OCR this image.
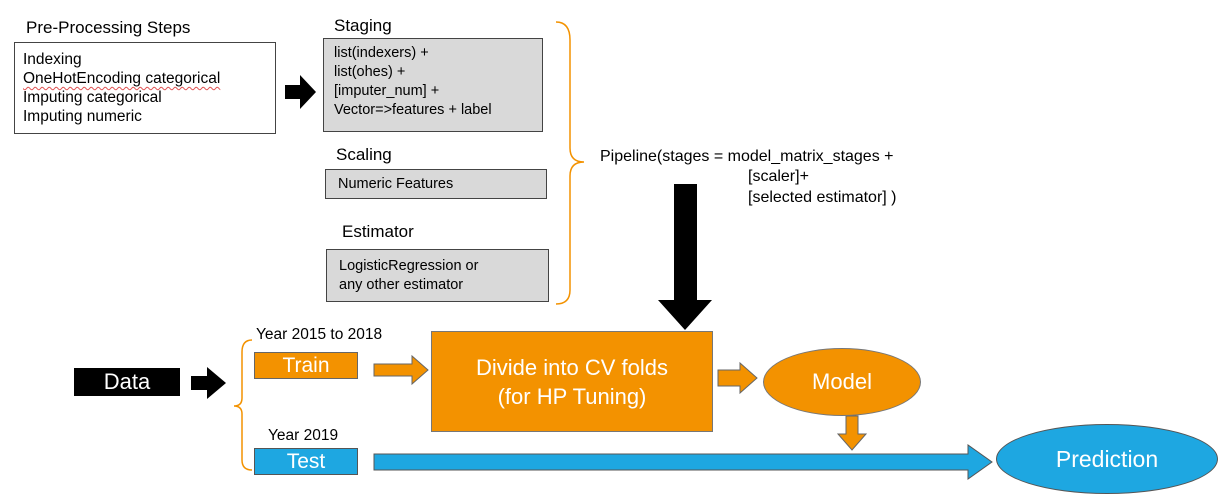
Pre-Processing Steps
Indexing
OneHotEncoding categorical
Imputing categorical
Imputing numeric
Staging
list(indexers) +
list(ohes) +
[imputer_num] +
Vector=>features + label
Scaling
Numeric Features
Estimator
LogisticRegression or
any other estimator
Pipeline(stages = model_matrix_stages +
[scaler]+
[selected estimator] )
Data
Year 2015 to 2018
Train
Year 2019
Test
Divide into CV folds
(for HP Tuning)
Model
Prediction
